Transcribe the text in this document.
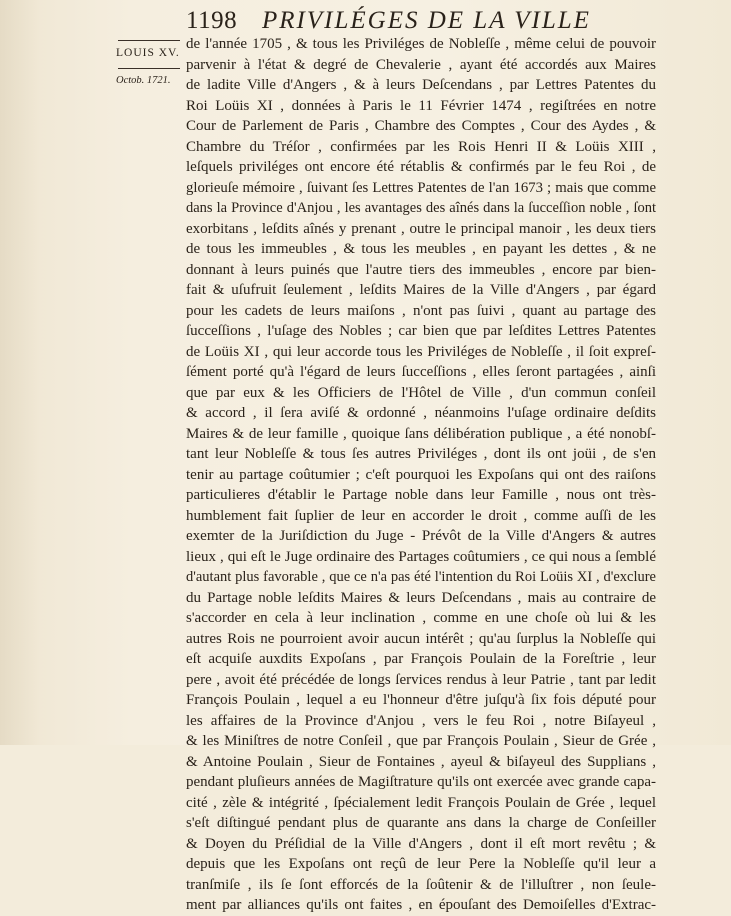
1198 PRIVILÉGES DE LA VILLE
LOUIS XV.
Octob. 1721.
de l'année 1705 , & tous les Priviléges de Nobleſſe , même celui de pouvoir
parvenir à l'état & degré de Chevalerie , ayant été accordés aux Maires
de ladite Ville d'Angers , & à leurs Deſcendans , par Lettres Patentes du
Roi Loüis XI , données à Paris le 11 Février 1474 , regiſtrées en notre
Cour de Parlement de Paris , Chambre des Comptes , Cour des Aydes , &
Chambre du Tréſor , confirmées par les Rois Henri II & Loüis XIII ,
leſquels priviléges ont encore été rétablis & confirmés par le feu Roi , de
glorieuſe mémoire , ſuivant ſes Lettres Patentes de l'an 1673 ; mais que comme
dans la Province d'Anjou , les avantages des aînés dans la ſucceſſion noble , ſont
exorbitans , leſdits aînés y prenant , outre le principal manoir , les deux tiers
de tous les immeubles , & tous les meubles , en payant les dettes , & ne
donnant à leurs puinés que l'autre tiers des immeubles , encore par bien-
fait & uſufruit ſeulement , leſdits Maires de la Ville d'Angers , par égard
pour les cadets de leurs maiſons , n'ont pas ſuivi , quant au partage des
ſucceſſions , l'uſage des Nobles ; car bien que par leſdites Lettres Patentes
de Loüis XI , qui leur accorde tous les Priviléges de Nobleſſe , il ſoit expreſ-
ſément porté qu'à l'égard de leurs ſucceſſions , elles ſeront partagées , ainſi
que par eux & les Officiers de l'Hôtel de Ville , d'un commun conſeil
& accord , il ſera aviſé & ordonné , néanmoins l'uſage ordinaire deſdits
Maires & de leur famille , quoique ſans délibération publique , a été nonobſ-
tant leur Nobleſſe & tous ſes autres Priviléges , dont ils ont joüi , de s'en
tenir au partage coûtumier ; c'eſt pourquoi les Expoſans qui ont des raiſons
particulieres d'établir le Partage noble dans leur Famille , nous ont très-
humblement fait ſuplier de leur en accorder le droit , comme auſſi de les
exemter de la Juriſdiction du Juge - Prévôt de la Ville d'Angers & autres
lieux , qui eſt le Juge ordinaire des Partages coûtumiers , ce qui nous a ſemblé
d'autant plus favorable , que ce n'a pas été l'intention du Roi Loüis XI , d'exclure
du Partage noble leſdits Maires & leurs Deſcendans , mais au contraire de
s'accorder en cela à leur inclination , comme en une choſe où lui & les
autres Rois ne pourroient avoir aucun intérêt ; qu'au ſurplus la Nobleſſe qui
eſt acquiſe auxdits Expoſans , par François Poulain de la Foreſtrie , leur
pere , avoit été précédée de longs ſervices rendus à leur Patrie , tant par ledit
François Poulain , lequel a eu l'honneur d'être juſqu'à ſix fois député pour
les affaires de la Province d'Anjou , vers le feu Roi , notre Biſayeul ,
& les Miniſtres de notre Conſeil , que par François Poulain , Sieur de Grée ,
& Antoine Poulain , Sieur de Fontaines , ayeul & biſayeul des Supplians ,
pendant pluſieurs années de Magiſtrature qu'ils ont exercée avec grande capa-
cité , zèle & intégrité , ſpécialement ledit François Poulain de Grée , lequel
s'eſt diſtingué pendant plus de quarante ans dans la charge de Conſeiller
& Doyen du Préſidial de la Ville d'Angers , dont il eſt mort revêtu ; &
depuis que les Expoſans ont reçû de leur Pere la Nobleſſe qu'il leur a
tranſmiſe , ils ſe ſont efforcés de la ſoûtenir & de l'illuſtrer , non ſeule-
ment par alliances qu'ils ont faites , en épouſant des Demoiſelles d'Extrac-
